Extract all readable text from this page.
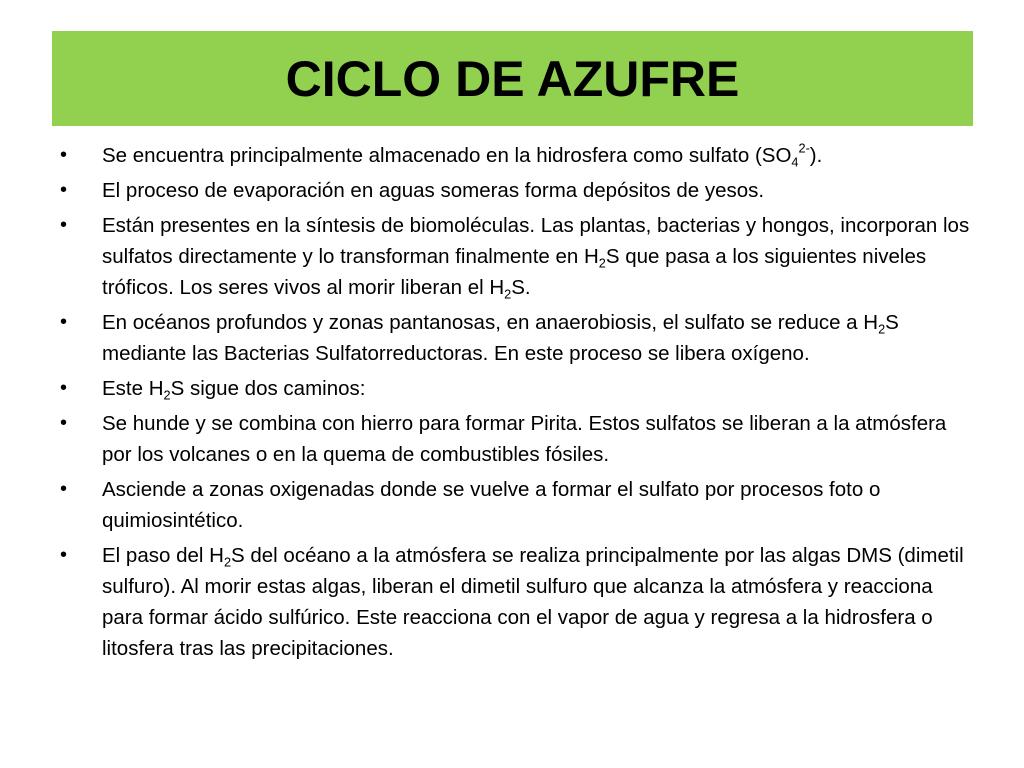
CICLO DE AZUFRE
•	Se encuentra principalmente almacenado en la hidrosfera como sulfato $(SO_4^{2-})$.
•	El proceso de evaporación en aguas someras forma depósitos de yesos.
•	Están presentes en la síntesis de biomoléculas. Las plantas, bacterias y hongos, incorporan los sulfatos directamente y lo transforman finalmente en $H_2S$ que pasa a los siguientes niveles tróficos. Los seres vivos al morir liberan el $H_2S$.
•	En océanos profundos y zonas pantanosas, en anaerobiosis, el sulfato se reduce a $H_2S$ mediante las Bacterias Sulfatorreductoras. En este proceso se libera oxígeno.
•	Este $H_2S$ sigue dos caminos:
•	Se hunde y se combina con hierro para formar Pirita. Estos sulfatos se liberan a la atmósfera por los volcanes o en la quema de combustibles fósiles.
•	Asciende a zonas oxigenadas donde se vuelve a formar el sulfato por procesos foto o quimiosintético.
•	El paso del $H_2S$ del océano a la atmósfera se realiza principalmente por las algas DMS (dimetil sulfuro). Al morir estas algas, liberan el dimetil sulfuro que alcanza la atmósfera y reacciona para formar ácido sulfúrico. Este reacciona con el vapor de agua y regresa a la hidrosfera o litosfera tras las precipitaciones.
